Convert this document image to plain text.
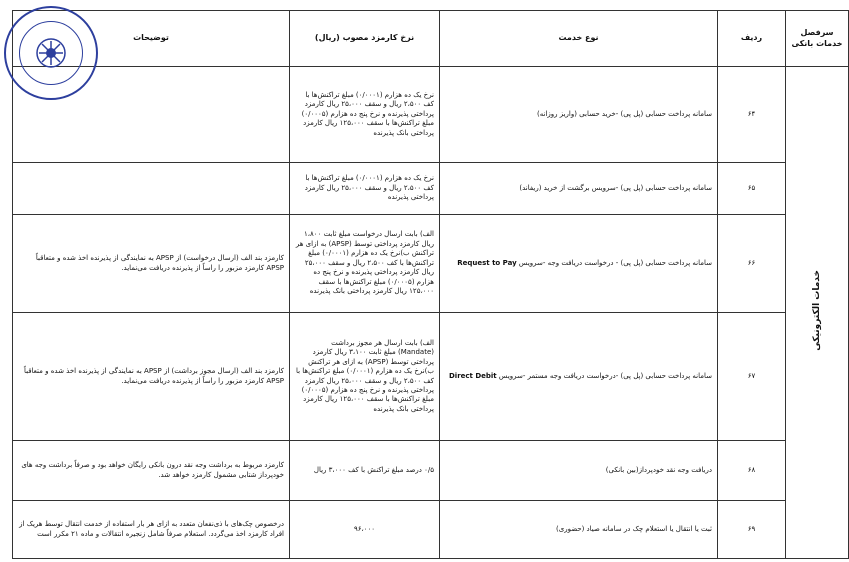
سرفصل خدمات بانکی	ردیف	نوع خدمت	نرخ کارمزد مصوب (ریال)	توضیحات
خدمات الکترونیکی	۶۴	سامانه پرداخت حسابی (پل پی) -خرید حسابی (واریز روزانه)	نرخ یک ده هزارم (۰/۰۰۰۱) مبلغ تراکنش‌ها با کف ۲،۵۰۰ ریال و سقف ۲۵،۰۰۰ ریال کارمزد پرداختی پذیرنده و نرخ پنج ده هزارم (۰/۰۰۰۵) مبلغ تراکنش‌ها با سقف ۱۲۵،۰۰۰ ریال کارمزد پرداختی بانک پذیرنده	
	۶۵	سامانه پرداخت حسابی (پل پی) -سرویس برگشت از خرید (ریفاند)	نرخ یک ده هزارم (۰/۰۰۰۱) مبلغ تراکنش‌ها با کف ۲،۵۰۰ ریال و سقف ۲۵،۰۰۰ ریال کارمزد پرداختی پذیرنده	
	۶۶	سامانه پرداخت حسابی (پل پی) - درخواست دریافت وجه -سرویس Request to Pay	الف) بابت ارسال درخواست مبلغ ثابت ۱،۸۰۰ ریال کارمزد پرداختی توسط (APSP) به ازای هر تراکنش ب)نرخ یک ده هزارم (۰/۰۰۰۱) مبلغ تراکنش‌ها با کف ۲،۵۰۰ ریال و سقف ۲۵،۰۰۰ ریال کارمزد پرداختی پذیرنده و نرخ پنج ده هزارم (۰/۰۰۰۵) مبلغ تراکنش‌ها با سقف ۱۲۵،۰۰۰ ریال کارمزد پرداختی بانک پذیرنده	کارمزد بند الف (ارسال درخواست) از APSP به نمایندگی از پذیرنده اخذ شده و متعاقباً APSP کارمزد مزبور را راساً از پذیرنده دریافت می‌نماید.
	۶۷	سامانه پرداخت حسابی (پل پی) -درخواست دریافت وجه مستمر -سرویس Direct Debit	الف) بابت ارسال هر مجوز برداشت (Mandate) مبلغ ثابت ۳،۱۰۰ ریال کارمزد پرداختی توسط (APSP) به ازای هر تراکنش ب)نرخ یک ده هزارم (۰/۰۰۰۱) مبلغ تراکنش‌ها با کف ۲،۵۰۰ ریال و سقف ۲۵،۰۰۰ ریال کارمزد پرداختی پذیرنده و نرخ پنج ده هزارم (۰/۰۰۰۵) مبلغ تراکنش‌ها با سقف ۱۲۵،۰۰۰ ریال کارمزد پرداختی بانک پذیرنده	کارمزد بند الف (ارسال مجوز برداشت) از APSP به نمایندگی از پذیرنده اخذ شده و متعاقباً APSP کارمزد مزبور را راساً از پذیرنده دریافت می‌نماید.
	۶۸	دریافت وجه نقد خودپرداز(بین بانکی)	۰/۵ درصد مبلغ تراکنش با کف ۳،۰۰۰ ریال	کارمزد مربوط به برداشت وجه نقد درون بانکی رایگان خواهد بود و صرفاً برداشت وجه های خودپرداز شتابی مشمول کارمزد خواهد شد.
	۶۹	ثبت یا انتقال یا استعلام چک در سامانه صیاد (حضوری)	۹۶،۰۰۰	درخصوص چک‌های با ذی‌نفعان متعدد به ازای هر بار استفاده از خدمت انتقال توسط هریک از افراد کارمزد اخذ می‌گردد. استعلام صرفاً شامل زنجیره انتقالات و ماده ۲۱ مکرر است
